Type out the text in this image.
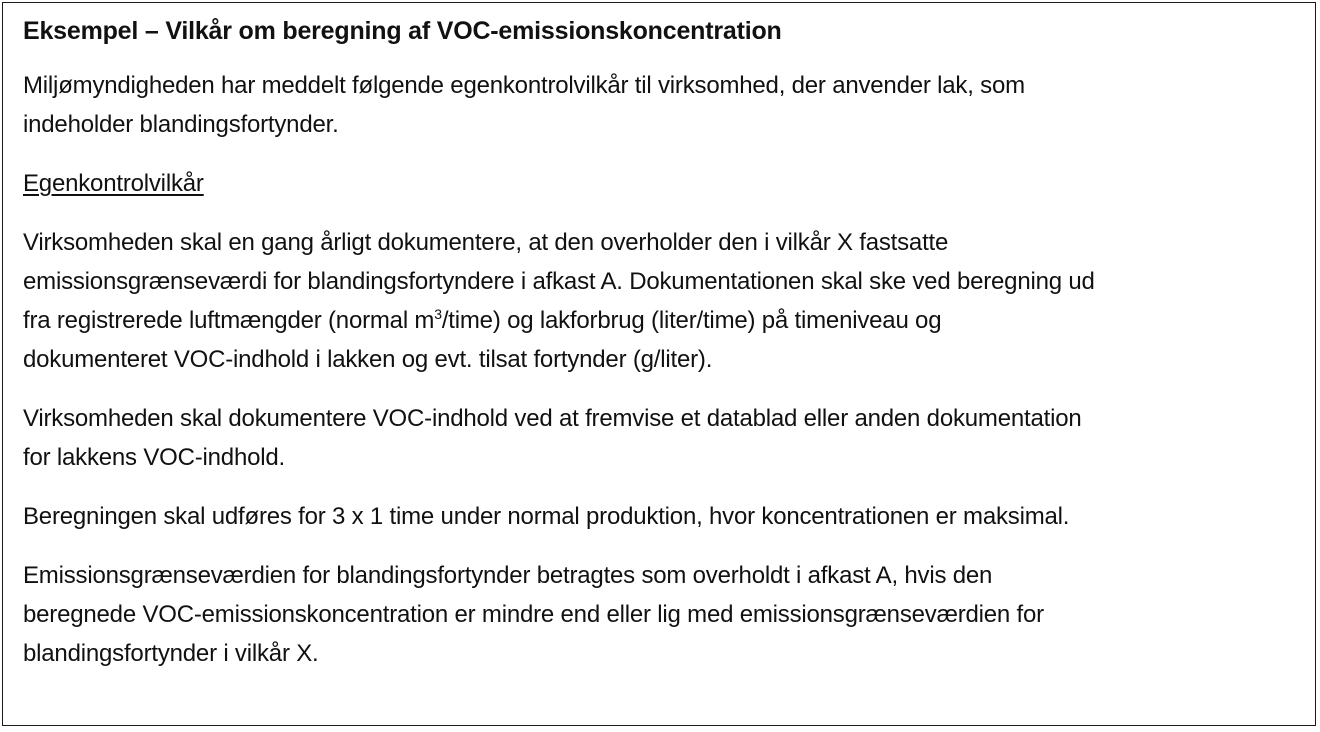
Eksempel – Vilkår om beregning af VOC-emissionskoncentration
Miljømyndigheden har meddelt følgende egenkontrolvilkår til virksomhed, der anvender lak, som
indeholder blandingsfortynder.
Egenkontrolvilkår
Virksomheden skal en gang årligt dokumentere, at den overholder den i vilkår X fastsatte
emissionsgrænseværdi for blandingsfortyndere i afkast A. Dokumentationen skal ske ved beregning ud
fra registrerede luftmængder (normal $m^3/time$) og lakforbrug (liter/time) på timeniveau og
dokumenteret VOC-indhold i lakken og evt. tilsat fortynder (g/liter).
Virksomheden skal dokumentere VOC-indhold ved at fremvise et datablad eller anden dokumentation
for lakkens VOC-indhold.
Beregningen skal udføres for 3 x 1 time under normal produktion, hvor koncentrationen er maksimal.
Emissionsgrænseværdien for blandingsfortynder betragtes som overholdt i afkast A, hvis den
beregnede VOC-emissionskoncentration er mindre end eller lig med emissionsgrænseværdien for
blandingsfortynder i vilkår X.
